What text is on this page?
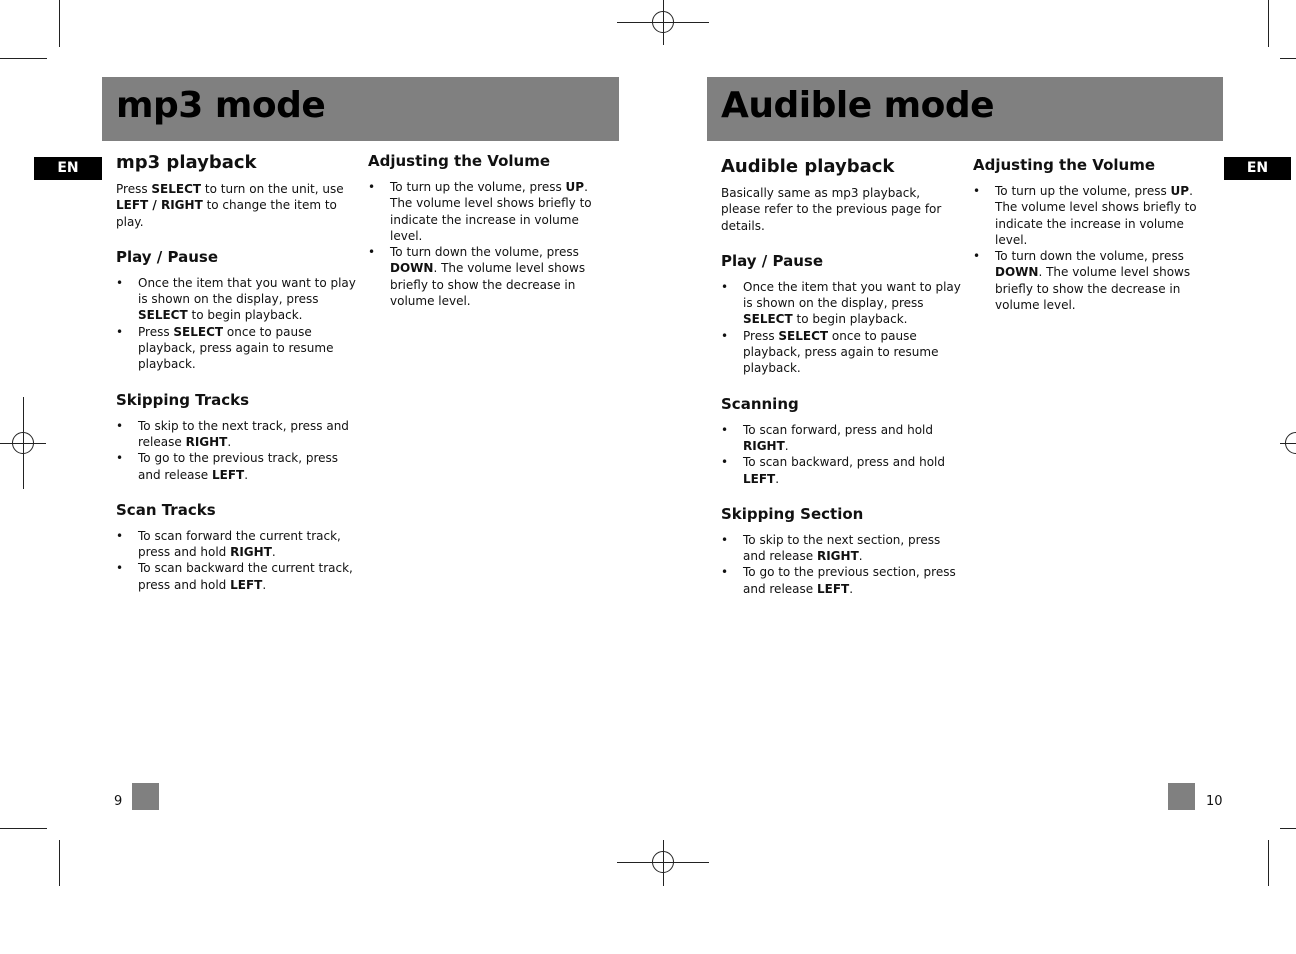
mp3 mode
EN	mp3 playback
Press SELECT to turn on the unit, use LEFT / RIGHT to change the item to play.
Play / Pause
• Once the item that you want to play is shown on the display, press SELECT to begin playback.
• Press SELECT once to pause playback, press again to resume playback.
Skipping Tracks
• To skip to the next track, press and release RIGHT.
• To go to the previous track, press and release LEFT.
Scan Tracks
• To scan forward the current track, press and hold RIGHT.
• To scan backward the current track, press and hold LEFT.
Adjusting the Volume
• To turn up the volume, press UP. The volume level shows briefly to indicate the increase in volume level.
• To turn down the volume, press DOWN. The volume level shows briefly to show the decrease in volume level.
9
Audible mode
EN
Audible playback
Basically same as mp3 playback, please refer to the previous page for details.
Play / Pause
• Once the item that you want to play is shown on the display, press SELECT to begin playback.
• Press SELECT once to pause playback, press again to resume playback.
Scanning
• To scan forward, press and hold RIGHT.
• To scan backward, press and hold LEFT.
Skipping Section
• To skip to the next section, press and release RIGHT.
• To go to the previous section, press and release LEFT.
Adjusting the Volume
• To turn up the volume, press UP. The volume level shows briefly to indicate the increase in volume level.
• To turn down the volume, press DOWN. The volume level shows briefly to show the decrease in volume level.
10
